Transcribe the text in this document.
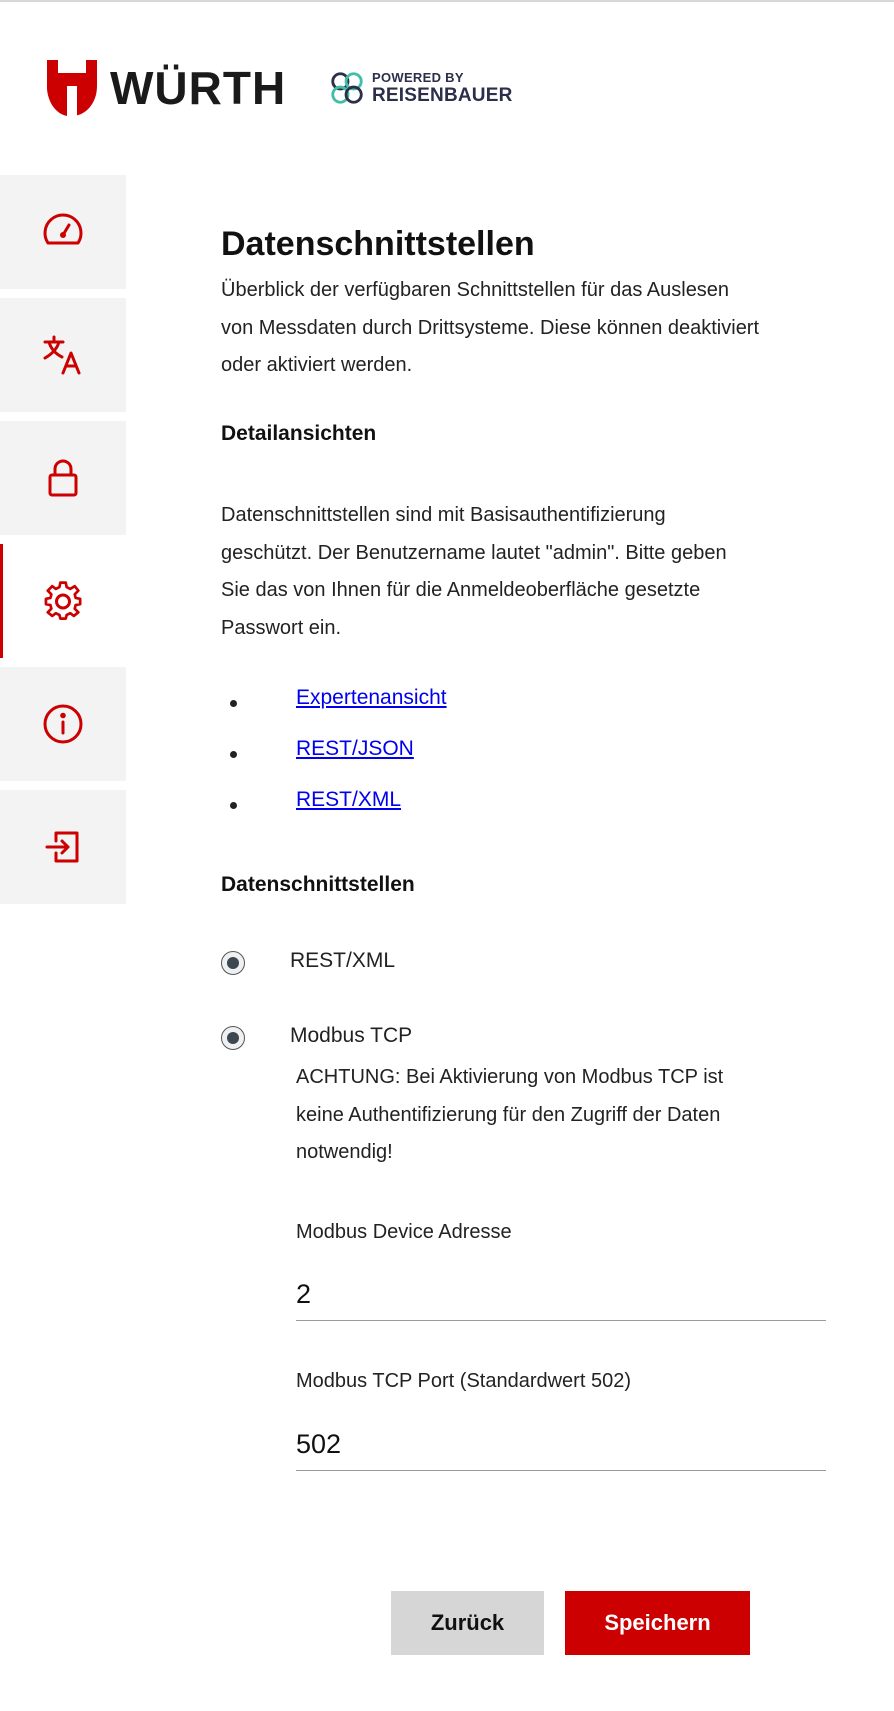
WÜRTH	POWERED BY
REISENBAUER
Datenschnittstellen

Überblick der verfügbaren Schnittstellen für das Auslesen von Messdaten durch Drittsysteme. Diese können deaktiviert oder aktiviert werden.

Detailansichten

Datenschnittstellen sind mit Basisauthentifizierung geschützt. Der Benutzername lautet "admin". Bitte geben Sie das von Ihnen für die Anmeldeoberfläche gesetzte Passwort ein.

Expertenansicht
REST/JSON
REST/XML
Datenschnittstellen
REST/XML
Modbus TCP

ACHTUNG: Bei Aktivierung von Modbus TCP ist keine Authentifizierung für den Zugriff der Daten notwendig!

Modbus Device Adresse
2
Modbus TCP Port (Standardwert 502)
502
Zurück	Speichern
